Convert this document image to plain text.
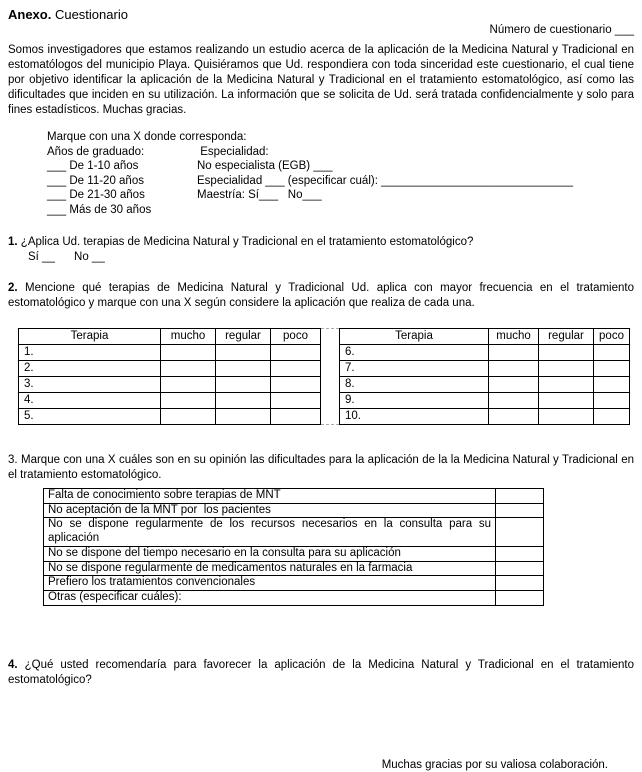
Anexo. Cuestionario
Número de cuestionario ___

Somos investigadores que estamos realizando un estudio acerca de la aplicación de la Medicina Natural y Tradicional en estomatólogos del municipio Playa. Quisiéramos que Ud. respondiera con toda sinceridad este cuestionario, el cual tiene por objetivo identificar la aplicación de la Medicina Natural y Tradicional en el tratamiento estomatológico, así como las dificultades que inciden en su utilización. La información que se solicita de Ud. será tratada confidencialmente y solo para fines estadísticos. Muchas gracias.

Marque con una X donde corresponda:
Años de graduado:	Especialidad:
___ De 1-10 años	No especialista (EGB) ___
___ De 11-20 años	Especialidad ___ (especificar cuál): ______________________________
___ De 21-30 años	Maestría: Sí___   No___
___ Más de 30 años

1. ¿Aplica Ud. terapias de Medicina Natural y Tradicional en el tratamiento estomatológico?

Sí __      No __

2. Mencione qué terapias de Medicina Natural y Tradicional Ud. aplica con mayor frecuencia en el tratamiento estomatológico y marque con una X según considere la aplicación que realiza de cada una.

Terapia	mucho	regular	poco
1.			
2.			
3.			
4.			
5.			
Terapia	mucho	regular	poco
6.			
7.			
8.			
9.			
10.			

3. Marque con una X cuáles son en su opinión las dificultades para la aplicación de la la Medicina Natural y Tradicional en el tratamiento estomatológico.

Falta de conocimiento sobre terapias de MNT	
No aceptación de la MNT por  los pacientes	
No se dispone regularmente de los recursos necesarios en la consulta para su aplicación	
No se dispone del tiempo necesario en la consulta para su aplicación	
No se dispone regularmente de medicamentos naturales en la farmacia	
Prefiero los tratamientos convencionales	
Otras (especificar cuáles):	

4. ¿Qué usted recomendaría para favorecer la aplicación de la Medicina Natural y Tradicional en el tratamiento estomatológico?

Muchas gracias por su valiosa colaboración.
